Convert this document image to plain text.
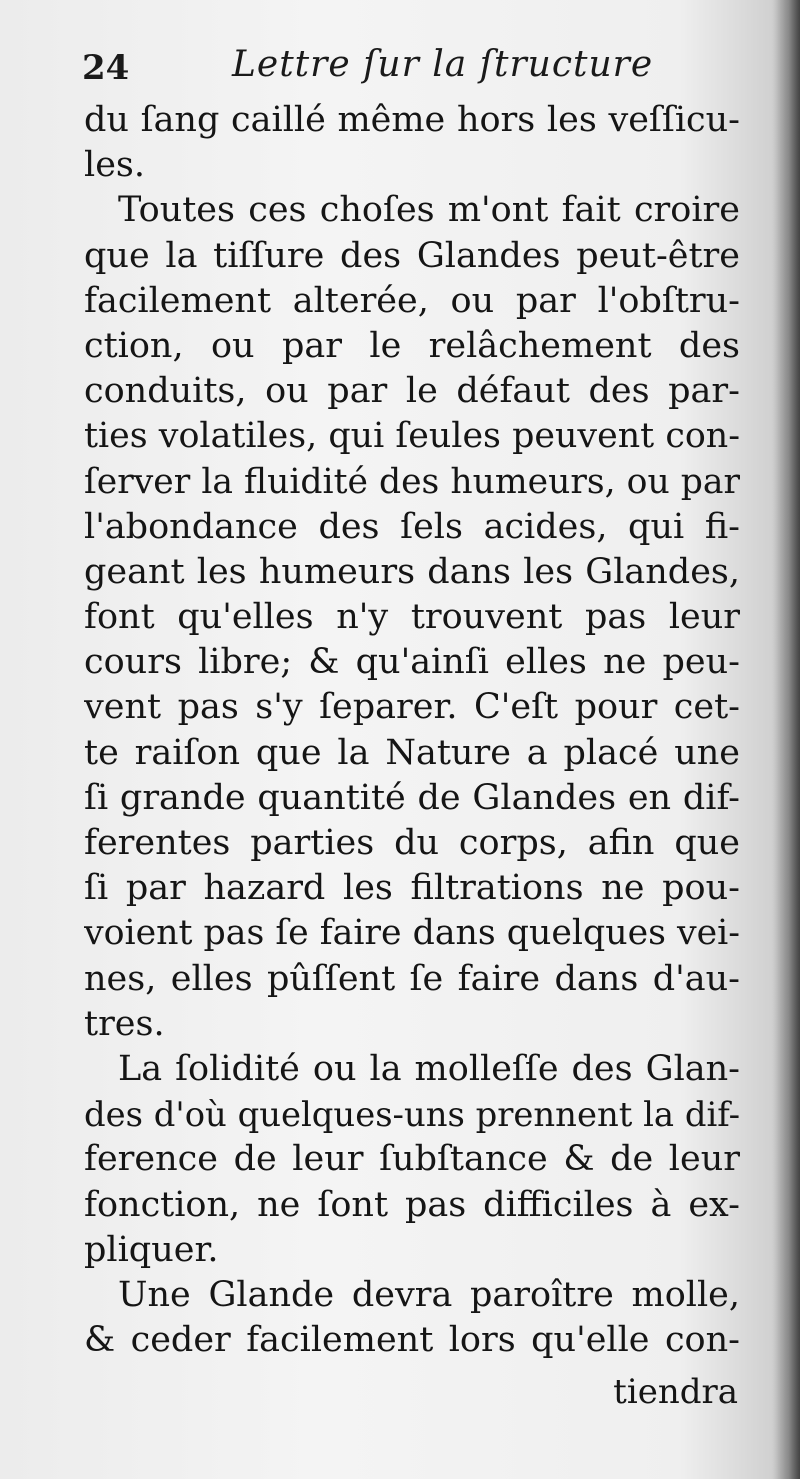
24	Lettre ſur la ſtructure
du ſang caillé même hors les veſſicu-
les.
Toutes ces choſes m'ont fait croire
que la tiſſure des Glandes peut-être
facilement alterée, ou par l'obſtru-
ction, ou par le relâchement des
conduits, ou par le défaut des par-
ties volatiles, qui ſeules peuvent con-
ſerver la fluidité des humeurs, ou par
l'abondance des ſels acides, qui fi-
geant les humeurs dans les Glandes,
font qu'elles n'y trouvent pas leur
cours libre; & qu'ainſi elles ne peu-
vent pas s'y ſeparer. C'eſt pour cet-
te raiſon que la Nature a placé une
ſi grande quantité de Glandes en dif-
ferentes parties du corps, afin que
ſi par hazard les filtrations ne pou-
voient pas ſe faire dans quelques vei-
nes, elles pûſſent ſe faire dans d'au-
tres.
La ſolidité ou la molleſſe des Glan-
des d'où quelques-uns prennent la dif-
ference de leur ſubſtance & de leur
fonction, ne ſont pas difficiles à ex-
pliquer.
Une Glande devra paroître molle,
& ceder facilement lors qu'elle con-
tiendra
